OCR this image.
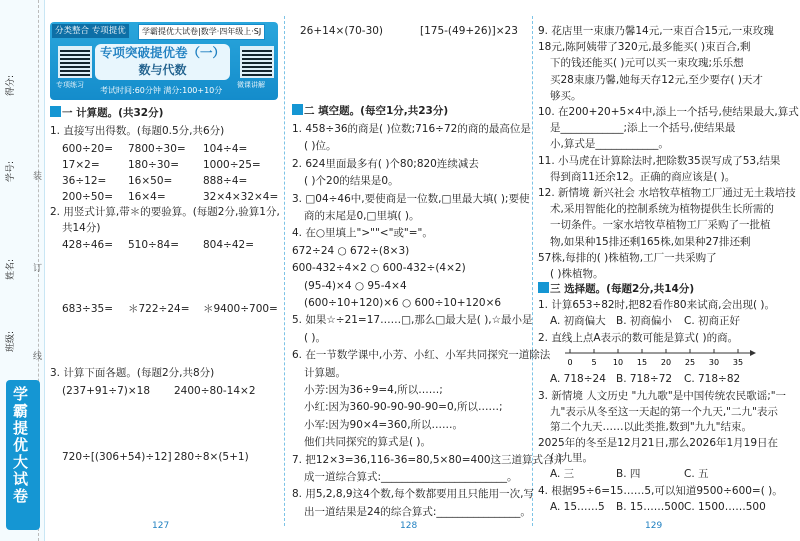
得分:
学号:
姓名:
班级:
装
订
线
学霸提优大试卷
分类整合 专项提优	学霸提优大试卷|数学·四年级上·SJ
专项练习	微课讲解
专项突破提优卷（一）
数与代数
考试时间:60分钟 满分:100+10分
一 计算题。(共32分)
1. 直接写出得数。(每题0.5分,共6分)
2. 用竖式计算,带＊的要验算。(每题2分,验算1分,
共14分)
428÷46= 510÷84= 804÷42=
683÷35= ＊722÷24= ＊9400÷700=
3. 计算下面各题。(每题2分,共8分)
(237+91÷7)×18 2400÷80-14×2
720÷[(306+54)÷12] 280÷8×(5+1)
26+14×(70-30)	[175-(49+26)]×23
二 填空题。(每空1分,共23分)
三 选择题。(每题2分,共14分)
1. 计算653÷82时,把82看作80来试商,会出现( )。
A. 初商偏大 B. 初商偏小 C. 初商正好
2. 直线上点A表示的数可能是算式( )的商。
0 5 10 15 20 25 30 35
A. 718÷24 B. 718÷72 C. 718÷82
A. 三	B. 四	C. 五
4. 根据95÷6=15……5,可以知道9500÷600=( )。
A. 15……5 B. 15……500 C. 1500……500
127	128	129
600÷20= 7800÷30= 104÷4=
17×2=	180÷30= 1000÷25=
36÷12= 16×50=	888÷4=
200÷50= 16×4=	32×4×32×4=
1. 458÷36的商是( )位数;716÷72的商的最高位是
( )位。
2. 624里面最多有( )个80;820连续减去
( )个20的结果是0。
3. □04÷46中,要使商是一位数,□里最大填( );要使
商的末尾是0,□里填( )。
4. 在○里填上">""<"或"="。
672÷24 ○ 672÷(8×3)
600-432÷4×2 ○ 600-432÷(4×2)
(95-4)×4 ○ 95-4×4
(600÷10+120)×6 ○ 600÷10+120×6
5. 如果☆÷21=17……□,那么□最大是( ),☆最小是
( )。
6. 在一节数学课中,小芳、小红、小军共同探究一道除法
计算题。
小芳:因为36÷9=4,所以……;
小红:因为360-90-90-90-90=0,所以……;
小军:因为90×4=360,所以……。
他们共同探究的算式是( )。
7. 把12×3=36,116-36=80,5×80=400这三道算式合并
成一道综合算式:________________________。
8. 用5,2,8,9这4个数,每个数都要用且只能用一次,写
出一道结果是24的综合算式:________________。
9. 花店里一束康乃馨14元,一束百合15元,一束玫瑰
18元,陈阿姨带了320元,最多能买( )束百合,剩
下的钱还能买( )元可以买一束玫瑰;乐乐想
买28束康乃馨,她每天存12元,至少要存( )天才
够买。
10. 在200+20+5×4中,添上一个括号,使结果最大,算式
是____________;添上一个括号,使结果最
小,算式是____________。
11. 小马虎在计算除法时,把除数35误写成了53,结果
得到商11还余12。正确的商应该是( )。
12. 新情境 新兴社会 水培牧草植物工厂通过无土栽培技
术,采用智能化的控制系统为植物提供生长所需的
一切条件。一家水培牧草植物工厂采购了一批植
物,如果种15排还剩165株,如果种27排还剩
57株,每排的( )株植物,工厂一共采购了
( )株植物。
3. 新情境 人文历史 "九九歌"是中国传统农民歌谣;"一
九"表示从冬至这一天起的第一个九天,"二九"表示
第二个九天……以此类推,数到"九九"结束。
2025年的冬至是12月21日,那么2026年1月19日在
( )九里。
